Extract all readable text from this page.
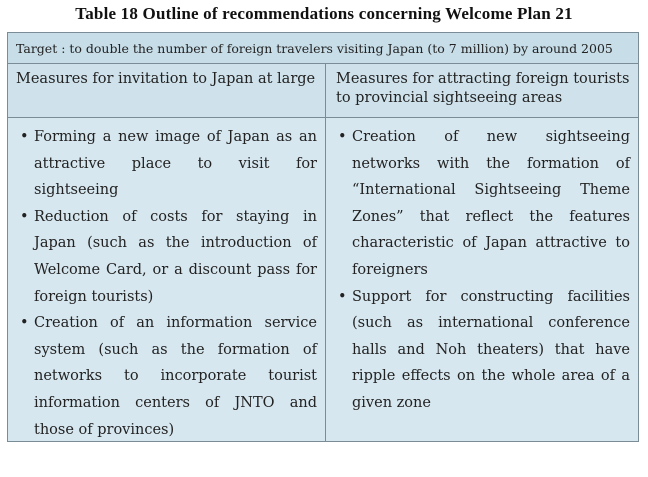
Table 18 Outline of recommendations concerning Welcome Plan 21
Target : to double the number of foreign travelers visiting Japan (to 7 million) by around 2005
Measures for invitation to Japan at large	Measures for attracting foreign tourists to provincial sightseeing areas
• Forming a new image of Japan as an attractive place to visit for sightseeing
• Reduction of costs for staying in Japan (such as the introduction of Welcome Card, or a discount pass for foreign tourists)
• Creation of an information service system (such as the formation of networks to incorporate tourist information centers of JNTO and those of provinces)
• Creation of new sightseeing networks with the formation of “International Sightseeing Theme Zones” that reflect the features characteristic of Japan attractive to foreigners
• Support for constructing facilities (such as international conference halls and Noh theaters) that have ripple effects on the whole area of a given zone
